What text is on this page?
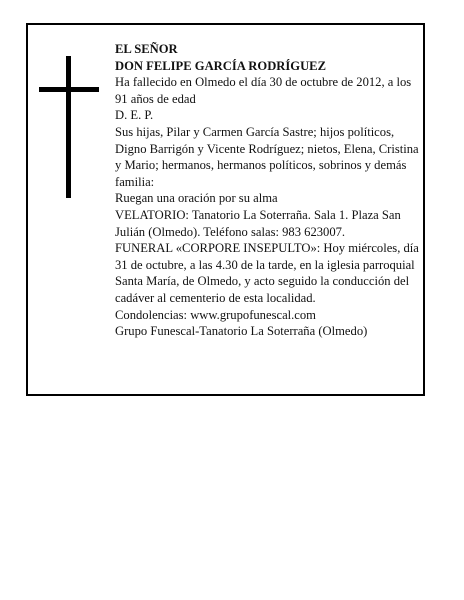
EL SEÑOR

DON FELIPE GARCÍA RODRÍGUEZ

Ha fallecido en Olmedo el día 30 de octubre de 2012, a los 91 años de edad

D. E. P.

Sus hijas, Pilar y Carmen García Sastre; hijos políticos, Digno Barrigón y Vicente Rodríguez; nietos, Elena, Cristina y Mario; hermanos, hermanos políticos, sobrinos y demás familia:

Ruegan una oración por su alma

VELATORIO: Tanatorio La Soterraña. Sala 1. Plaza San Julián (Olmedo). Teléfono salas: 983 623007.

FUNERAL «CORPORE INSEPULTO»: Hoy miércoles, día 31 de octubre, a las 4.30 de la tarde, en la iglesia parroquial Santa María, de Olmedo, y acto seguido la conducción del cadáver al cementerio de esta localidad.

Condolencias: www.grupofunescal.com

Grupo Funescal-Tanatorio La Soterraña (Olmedo)
